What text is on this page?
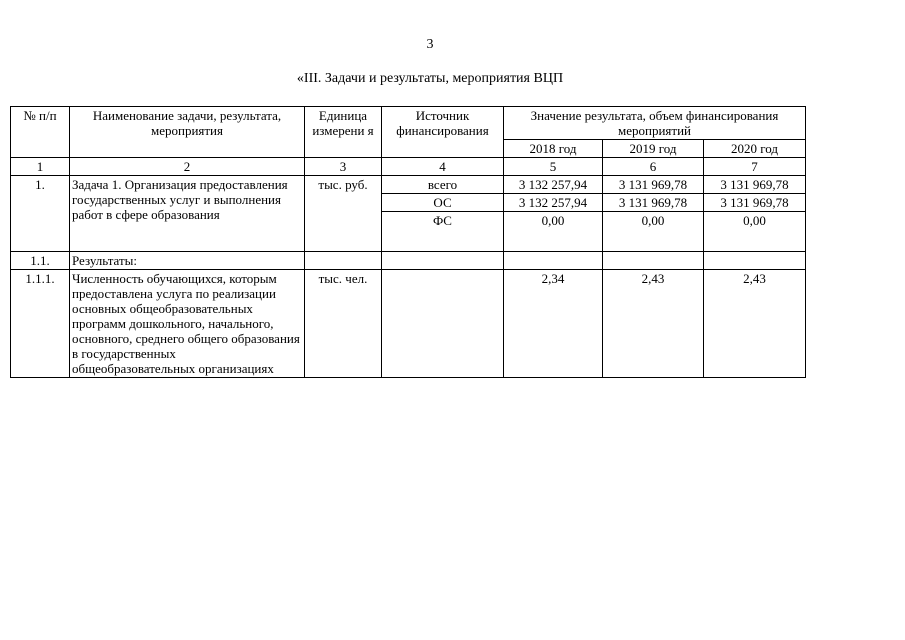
3
«III. Задачи и результаты, мероприятия ВЦП
№ п/п	Наименование задачи, результата, мероприятия	Единица измерени я	Источник финансирования	Значение результата, объем финансирования мероприятий		
				2018 год	2019 год	2020 год
1	2	3	4	5	6	7
1.	Задача 1. Организация предоставления государственных услуг и выполнения работ в сфере образования	тыс. руб.	всего	3 132 257,94	3 131 969,78	3 131 969,78
			ОС	3 132 257,94	3 131 969,78	3 131 969,78
			ФС	0,00	0,00	0,00
1.1.	Результаты:					
1.1.1.	Численность обучающихся, которым предоставлена услуга по реализации основных общеобразовательных программ дошкольного, начального, основного, среднего общего образования в государственных общеобразовательных организациях	тыс. чел.		2,34	2,43	2,43
